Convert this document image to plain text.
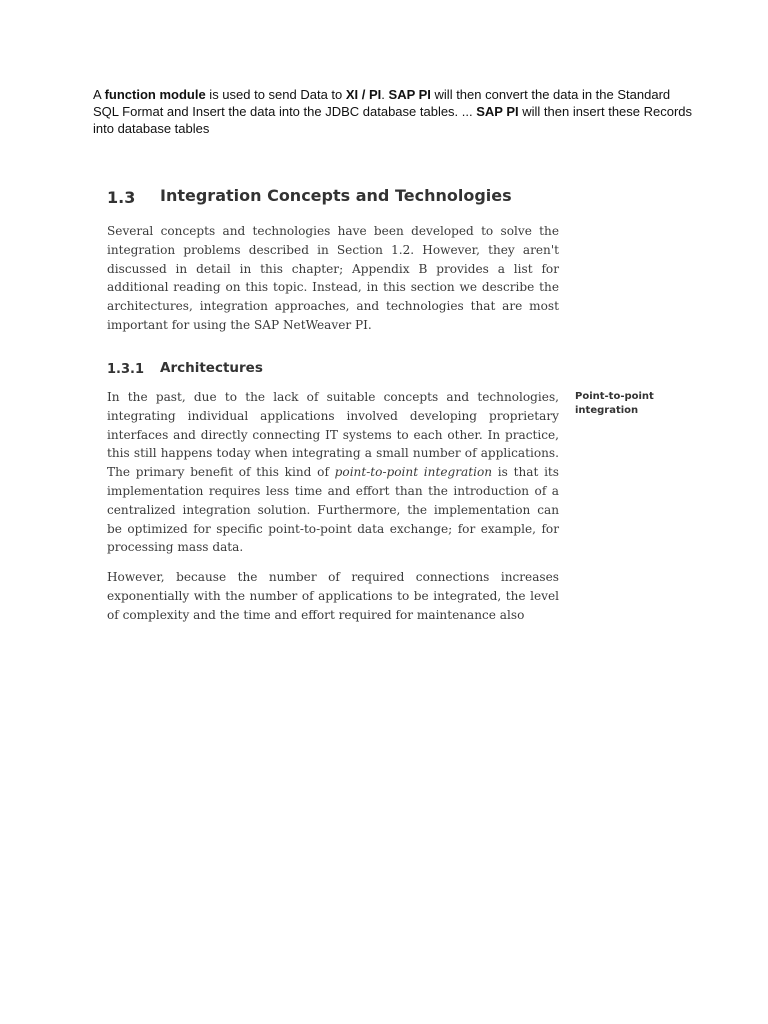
A function module is used to send Data to XI / PI. SAP PI will then convert the data in the Standard SQL Format and Insert the data into the JDBC database tables. ... SAP PI will then insert these Records into database tables

1.3 Integration Concepts and Technologies

Several concepts and technologies have been developed to solve the integration problems described in Section 1.2. However, they aren't discussed in detail in this chapter; Appendix B provides a list for additional reading on this topic. Instead, in this section we describe the architectures, integration approaches, and technologies that are most important for using the SAP NetWeaver PI.

1.3.1 Architectures
Point-to-point integration

In the past, due to the lack of suitable concepts and technologies, integrating individual applications involved developing proprietary interfaces and directly connecting IT systems to each other. In practice, this still happens today when integrating a small number of applications. The primary benefit of this kind of point-to-point integration is that its implementation requires less time and effort than the introduction of a centralized integration solution. Furthermore, the implementation can be optimized for specific point-to-point data exchange; for example, for processing mass data.

However, because the number of required connections increases exponentially with the number of applications to be integrated, the level of complexity and the time and effort required for maintenance also
